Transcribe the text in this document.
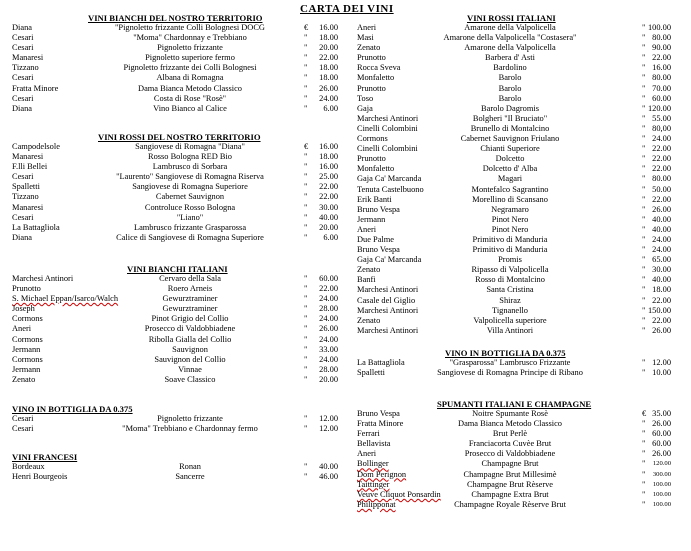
CARTA DEI VINI
VINI BIANCHI DEL NOSTRO TERRITORIO
Diana	"Pignoletto frizzante Colli Bolognesi DOCG	€ 16.00
Cesari	"Moma" Chardonnay e Trebbiano	" 18.00
Cesari	Pignoletto frizzante	" 20.00
Manaresi	Pignoletto superiore fermo	" 22.00
Tizzano	Pignoletto frizzante dei Colli Bolognesi	" 18.00
Cesari	Albana di Romagna	" 18.00
Fratta Minore	Dama Bianca Metodo Classico	" 26.00
Cesari	Costa di Rose "Rosè"	" 24.00
Diana	Vino Bianco al Calice	" 6.00
VINI ROSSI DEL NOSTRO TERRITORIO
Campodelsole	Sangiovese di Romagna "Diana"	€ 16.00
Manaresi	Rosso Bologna RED Bio	" 18.00
F.lli Bellei	Lambrusco di Sorbara	" 16.00
Cesari	"Laurento" Sangiovese di Romagna Riserva	" 25.00
Spalletti	Sangiovese di Romagna Superiore	" 22.00
Tizzano	Cabernet Sauvignon	" 22.00
Manaresi	Controluce Rosso Bologna	" 30.00
Cesari	"Liano"	" 40.00
La Battagliola	Lambrusco frizzante Grasparossa	" 20.00
Diana	Calice di Sangiovese di Romagna Superiore	" 6.00
VINI BIANCHI ITALIANI
Marchesi Antinori	Cervaro della Sala	" 60.00
Prunotto	Roero Arneis	" 22.00
S. Michael Eppan/Isarco/Walch	Gewurztraminer	" 24.00
Joseph	Gewurztraminer	" 28.00
Cormons	Pinot Grigio del Collio	" 24.00
Aneri	Prosecco di Valdobbiadene	" 26.00
Cormons	Ribolla Gialla del Collio	" 24.00
Jermann	Sauvignon	" 33.00
Cormons	Sauvignon del Collio	" 24.00
Jermann	Vinnae	" 28.00
Zenato	Soave Classico	" 20.00
VINO IN BOTTIGLIA DA 0.375
Cesari	Pignoletto frizzante	" 12.00
Cesari	"Moma" Trebbiano e Chardonnay fermo	" 12.00
VINI FRANCESI
Bordeaux	Ronan	" 40.00
Henri Bourgeois	Sancerre	" 46.00
VINI ROSSI ITALIANI
Aneri	Amarone della Valpolicella	" 100.00
Masi	Amarone della Valpolicella "Costasera"	" 80.00
Zenato	Amarone della Valpolicella	" 90.00
Prunotto	Barbera d' Asti	" 22.00
Rocca Sveva	Bardolino	" 16.00
Monfaletto	Barolo	" 80.00
Prunotto	Barolo	" 70.00
Toso	Barolo	" 60.00
Gaja	Barolo Dagromis	" 120.00
Marchesi Antinori	Bolgheri "Il Bruciato"	" 55.00
Cinelli Colombini	Brunello di Montalcino	" 80,00
Cormons	Cabernet Sauvignon Friulano	" 24.00
Cinelli Colombini	Chianti Superiore	" 22.00
Prunotto	Dolcetto	" 22.00
Monfaletto	Dolcetto d' Alba	" 22.00
Gaja Ca' Marcanda	Magari	" 80.00
Tenuta Castelbuono	Montefalco Sagrantino	" 50.00
Erik Banti	Morellino di Scansano	" 22.00
Bruno Vespa	Negramaro	" 26.00
Jermann	Pinot Nero	" 40.00
Aneri	Pinot Nero	" 40.00
Due Palme	Primitivo di Manduria	" 24.00
Bruno Vespa	Primitivo di Manduria	" 24.00
Gaja Ca' Marcanda	Promis	" 65.00
Zenato	Ripasso di Valpolicella	" 30.00
Banfi	Rosso di Montalcino	" 40.00
Marchesi Antinori	Santa Cristina	" 18.00
Casale del Giglio	Shiraz	" 22.00
Marchesi Antinori	Tignanello	" 150.00
Zenato	Valpolicella superiore	" 22.00
Marchesi Antinori	Villa Antinori	" 26.00
VINO IN BOTTIGLIA DA 0.375
La Battagliola	"Grasparossa" Lambrusco Frizzante	" 12.00
Spalletti	Sangiovese di Romagna Principe di Ribano	" 10.00
SPUMANTI ITALIANI E CHAMPAGNE
Bruno Vespa	Noitre Spumante Rosè	€ 35.00
Fratta Minore	Dama Bianca Metodo Classico	" 26.00
Ferrari	Brut Perlè	" 60.00
Bellavista	Franciacorta Cuvèe Brut	" 60.00
Aneri	Prosecco di Valdobbiadene	" 26.00
Bollinger	Champagne Brut	" 120.00
Dom Perignon	Champagne Brut Millesimè	" 300.00
Taittinger	Champagne Brut Rèserve	" 100.00
Veuve Cliquot Ponsardin	Champagne Extra Brut	" 100.00
Philipponat	Champagne Royale Rèserve Brut	" 100.00
